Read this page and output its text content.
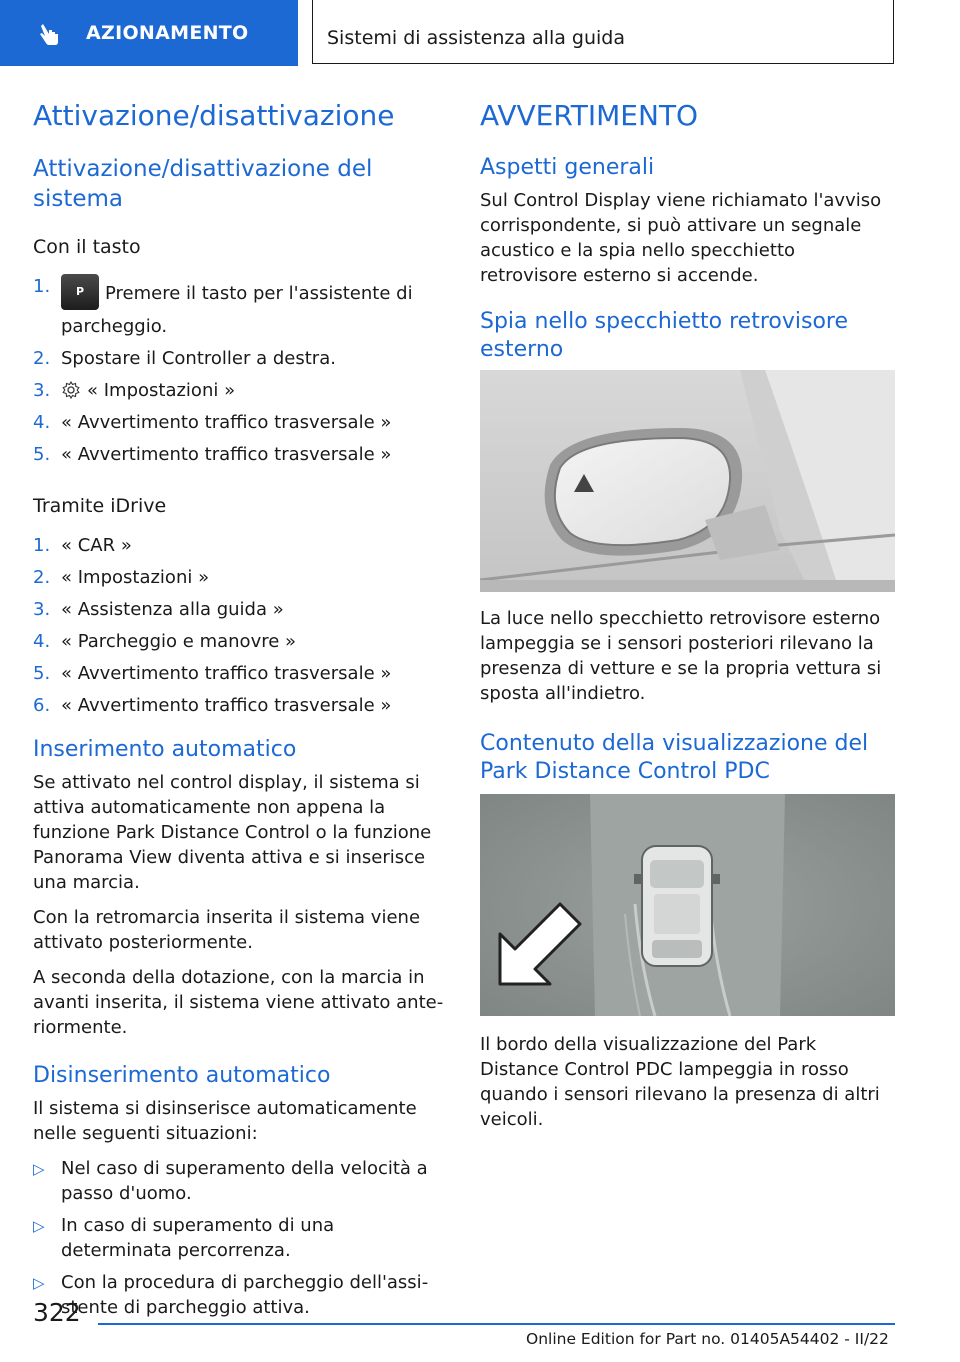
AZIONAMENTO	Sistemi di assistenza alla guida
Attivazione/disattivazione
Attivazione/disattivazione del sistema
Con il tasto
1. P Premere il tasto per l'assistente di parcheggio.
2. Spostare il Controller a destra.
3. « Impostazioni »
4. « Avvertimento traffico trasversale »
5. « Avvertimento traffico trasversale »
Tramite iDrive
1. « CAR »
2. « Impostazioni »
3. « Assistenza alla guida »
4. « Parcheggio e manovre »
5. « Avvertimento traffico trasversale »
6. « Avvertimento traffico trasversale »
Inserimento automatico

Se attivato nel control display, il sistema si attiva automaticamente non appena la funzione Park Distance Control o la funzione Panorama View diventa attiva e si inserisce una marcia.

Con la retromarcia inserita il sistema viene attivato posteriormente.

A seconda della dotazione, con la marcia in avanti inserita, il sistema viene attivato anteriormente.

Disinserimento automatico

Il sistema si disinserisce automaticamente nelle seguenti situazioni:

▷ Nel caso di superamento della velocità a passo d'uomo.
▷ In caso di superamento di una determinata percorrenza.
▷ Con la procedura di parcheggio dell'assistente di parcheggio attiva.
AVVERTIMENTO
Aspetti generali

Sul Control Display viene richiamato l'avviso corrispondente, si può attivare un segnale acustico e la spia nello specchietto retrovisore esterno si accende.

Spia nello specchietto retrovisore esterno

La luce nello specchietto retrovisore esterno lampeggia se i sensori posteriori rilevano la presenza di vetture e se la propria vettura si sposta all'indietro.

Contenuto della visualizzazione del Park Distance Control PDC

Il bordo della visualizzazione del Park Distance Control PDC lampeggia in rosso quando i sensori rilevano la presenza di altri veicoli.

322
Online Edition for Part no. 01405A54402 - II/22
